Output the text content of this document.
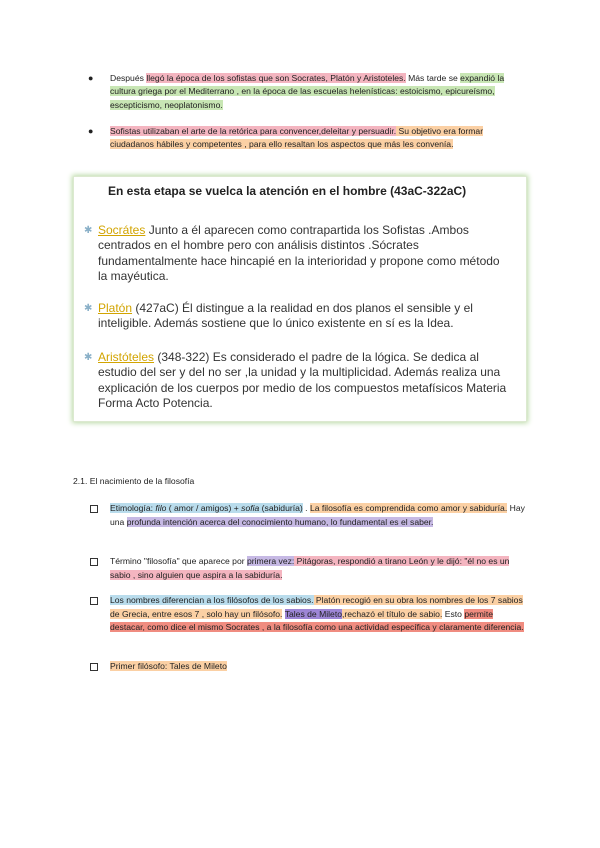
● Después llegó la época de los sofistas que son Socrates, Platón y Aristoteles. Más tarde se expandió la cultura griega por el Mediterrano , en la época de las escuelas helenísticas: estoicismo, epicureísmo, escepticismo, neoplatonismo.
● Sofistas utilizaban el arte de la retórica para convencer,deleitar y persuadir. Su objetivo era formar ciudadanos hábiles y competentes , para ello resaltan los aspectos que más les convenía.
En esta etapa se vuelca la atención en el hombre (43aC-322aC)
✱ Socrátes Junto a él aparecen como contrapartida los Sofistas .Ambos centrados en el hombre pero con análisis distintos .Sócrates fundamentalmente hace hincapié en la interioridad y propone como método la mayéutica.
✱ Platón (427aC) Él distingue a la realidad en dos planos el sensible y el inteligible. Además sostiene que lo único existente en sí es la Idea.
✱ Aristóteles (348-322) Es considerado el padre de la lógica. Se dedica al estudio del ser y del no ser ,la unidad y la multiplicidad. Además realiza una explicación de los cuerpos por medio de los compuestos metafísicos Materia Forma Acto Potencia.
2.1. El nacimiento de la filosofía
Etimología: filo ( amor / amigos) + sofia (sabiduría) . La filosofía es comprendida como amor y sabiduría. Hay una profunda intención acerca del conocimiento humano, lo fundamental es el saber.
Término "filosofía" que aparece por primera vez: Pitágoras, respondió a tirano León y le dijó: "él no es un sabio , sino alguien que aspira a la sabiduría.
Los nombres diferencian a los filósofos de los sabios. Platón recogió en su obra los nombres de los 7 sabios de Grecia, entre esos 7 , solo hay un filósofo. Tales de Mileto,rechazó el título de sabio. Esto permite destacar, como dice el mismo Socrates , a la filosofía como una actividad específica y claramente diferencia.
Primer filósofo: Tales de Mileto
